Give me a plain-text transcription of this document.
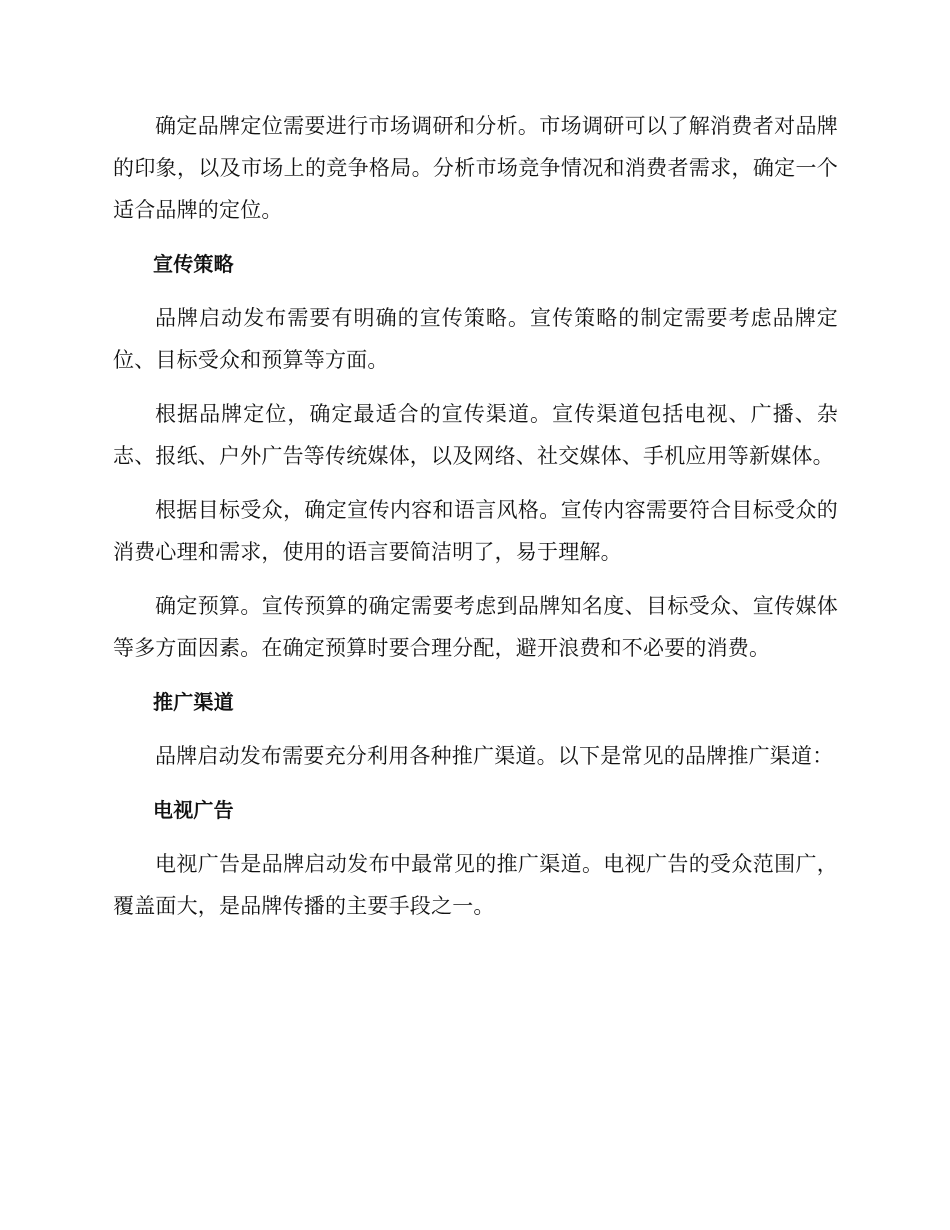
确定品牌定位需要进行市场调研和分析。市场调研可以了解消费者对品牌的印象，以及市场上的竞争格局。分析市场竞争情况和消费者需求，确定一个适合品牌的定位。

宣传策略

品牌启动发布需要有明确的宣传策略。宣传策略的制定需要考虑品牌定位、目标受众和预算等方面。

根据品牌定位，确定最适合的宣传渠道。宣传渠道包括电视、广播、杂志、报纸、户外广告等传统媒体，以及网络、社交媒体、手机应用等新媒体。

根据目标受众，确定宣传内容和语言风格。宣传内容需要符合目标受众的消费心理和需求，使用的语言要简洁明了，易于理解。

确定预算。宣传预算的确定需要考虑到品牌知名度、目标受众、宣传媒体等多方面因素。在确定预算时要合理分配，避开浪费和不必要的消费。

推广渠道

品牌启动发布需要充分利用各种推广渠道。以下是常见的品牌推广渠道：

电视广告

电视广告是品牌启动发布中最常见的推广渠道。电视广告的受众范围广，覆盖面大，是品牌传播的主要手段之一。
